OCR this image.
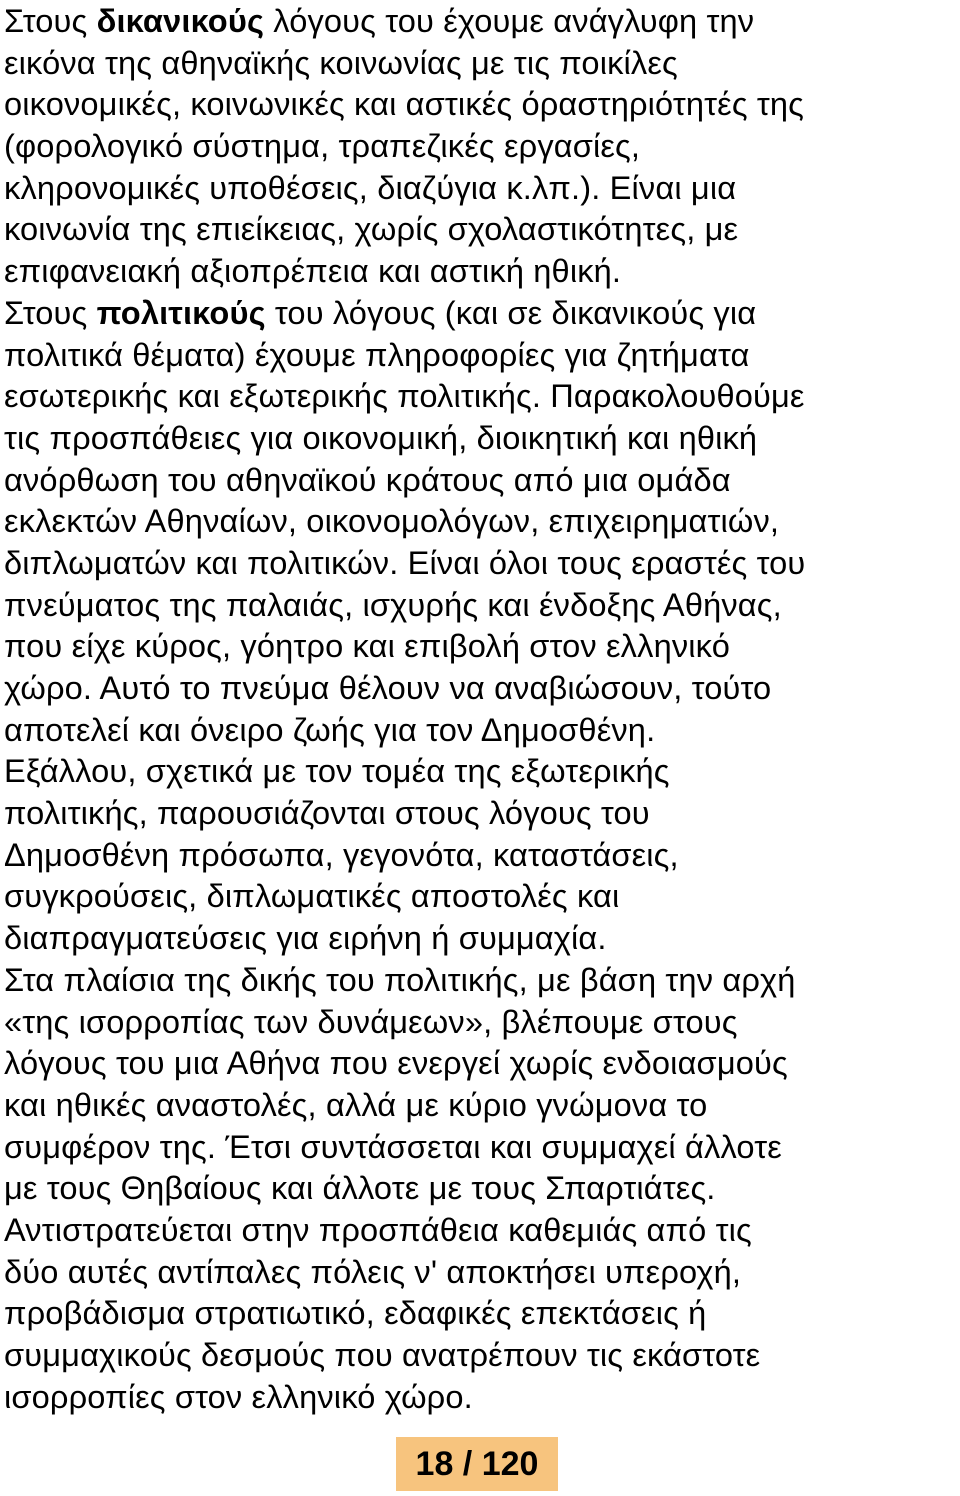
Στους δικανικούς λόγους του έχουμε ανάγλυφη την
εικόνα της αθηναϊκής κοινωνίας με τις ποικίλες
οικονομικές, κοινωνικές και αστικές όραστηριότητές της
(φορολογικό σύστημα, τραπεζικές εργασίες,
κληρονομικές υποθέσεις, διαζύγια κ.λπ.). Είναι μια
κοινωνία της επιείκειας, χωρίς σχολαστικότητες, με
επιφανειακή αξιοπρέπεια και αστική ηθική.
Στους πολιτικούς του λόγους (και σε δικανικούς για
πολιτικά θέματα) έχουμε πληροφορίες για ζητήματα
εσωτερικής και εξωτερικής πολιτικής. Παρακολουθούμε
τις προσπάθειες για οικονομική, διοικητική και ηθική
ανόρθωση του αθηναϊκού κράτους από μια ομάδα
εκλεκτών Αθηναίων, οικονομολόγων, επιχειρηματιών,
διπλωματών και πολιτικών. Είναι όλοι τους εραστές του
πνεύματος της παλαιάς, ισχυρής και ένδοξης Αθήνας,
που είχε κύρος, γόητρο και επιβολή στον ελληνικό
χώρο. Αυτό το πνεύμα θέλουν να αναβιώσουν, τούτο
αποτελεί και όνειρο ζωής για τον Δημοσθένη.
Εξάλλου, σχετικά με τον τομέα της εξωτερικής
πολιτικής, παρουσιάζονται στους λόγους του
Δημοσθένη πρόσωπα, γεγονότα, καταστάσεις,
συγκρούσεις, διπλωματικές αποστολές και
διαπραγματεύσεις για ειρήνη ή συμμαχία.
Στα πλαίσια της δικής του πολιτικής, με βάση την αρχή
«της ισορροπίας των δυνάμεων», βλέπουμε στους
λόγους του μια Αθήνα που ενεργεί χωρίς ενδοιασμούς
και ηθικές αναστολές, αλλά με κύριο γνώμονα το
συμφέρον της. Έτσι συντάσσεται και συμμαχεί άλλοτε
με τους Θηβαίους και άλλοτε με τους Σπαρτιάτες.
Αντιστρατεύεται στην προσπάθεια καθεμιάς από τις
δύο αυτές αντίπαλες πόλεις ν' αποκτήσει υπεροχή,
προβάδισμα στρατιωτικό, εδαφικές επεκτάσεις ή
συμμαχικούς δεσμούς που ανατρέπουν τις εκάστοτε
ισορροπίες στον ελληνικό χώρο.
18 / 120
